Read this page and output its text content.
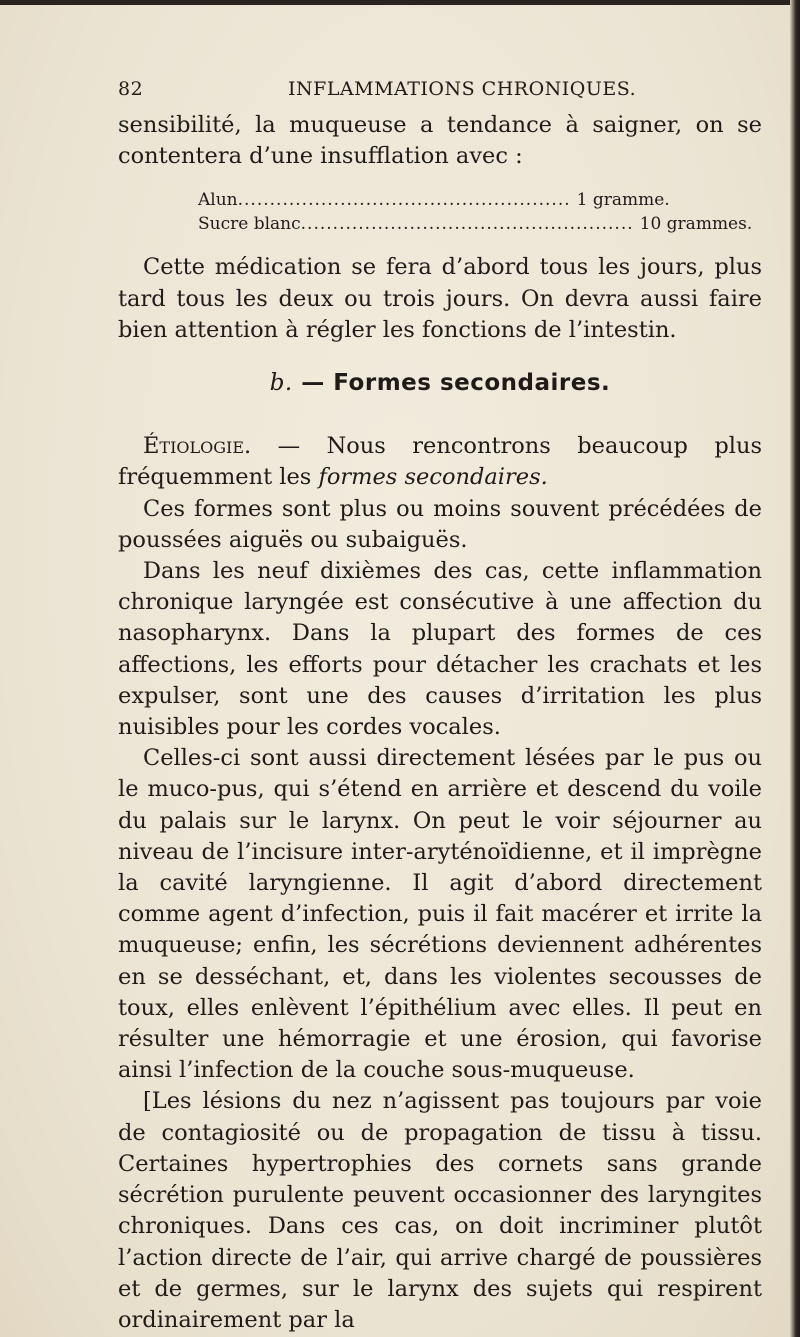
82	INFLAMMATIONS CHRONIQUES.

sensibilité, la muqueuse a tendance à saigner, on se contentera d’une insufflation avec :

Alun .................................................... 1 gramme.
Sucre blanc .................................................... 10 grammes.

Cette médication se fera d’abord tous les jours, plus tard tous les deux ou trois jours. On devra aussi faire bien attention à régler les fonctions de l’intestin.

b. — Formes secondaires.

Étiologie. — Nous rencontrons beaucoup plus fréquemment les formes secondaires.

Ces formes sont plus ou moins souvent précédées de poussées aiguës ou subaiguës.

Dans les neuf dixièmes des cas, cette inflammation chronique laryngée est consécutive à une affection du nasopharynx. Dans la plupart des formes de ces affections, les efforts pour détacher les crachats et les expulser, sont une des causes d’irritation les plus nuisibles pour les cordes vocales.

Celles-ci sont aussi directement lésées par le pus ou le muco-pus, qui s’étend en arrière et descend du voile du palais sur le larynx. On peut le voir séjourner au niveau de l’incisure inter-aryténoïdienne, et il imprègne la cavité laryngienne. Il agit d’abord directement comme agent d’infection, puis il fait macérer et irrite la muqueuse; enfin, les sécrétions deviennent adhérentes en se desséchant, et, dans les violentes secousses de toux, elles enlèvent l’épithélium avec elles. Il peut en résulter une hémorragie et une érosion, qui favorise ainsi l’infection de la couche sous-muqueuse.

[Les lésions du nez n’agissent pas toujours par voie de contagiosité ou de propagation de tissu à tissu. Certaines hypertrophies des cornets sans grande sécrétion purulente peuvent occasionner des laryngites chroniques. Dans ces cas, on doit incriminer plutôt l’action directe de l’air, qui arrive chargé de poussières et de germes, sur le larynx des sujets qui respirent ordinairement par la
